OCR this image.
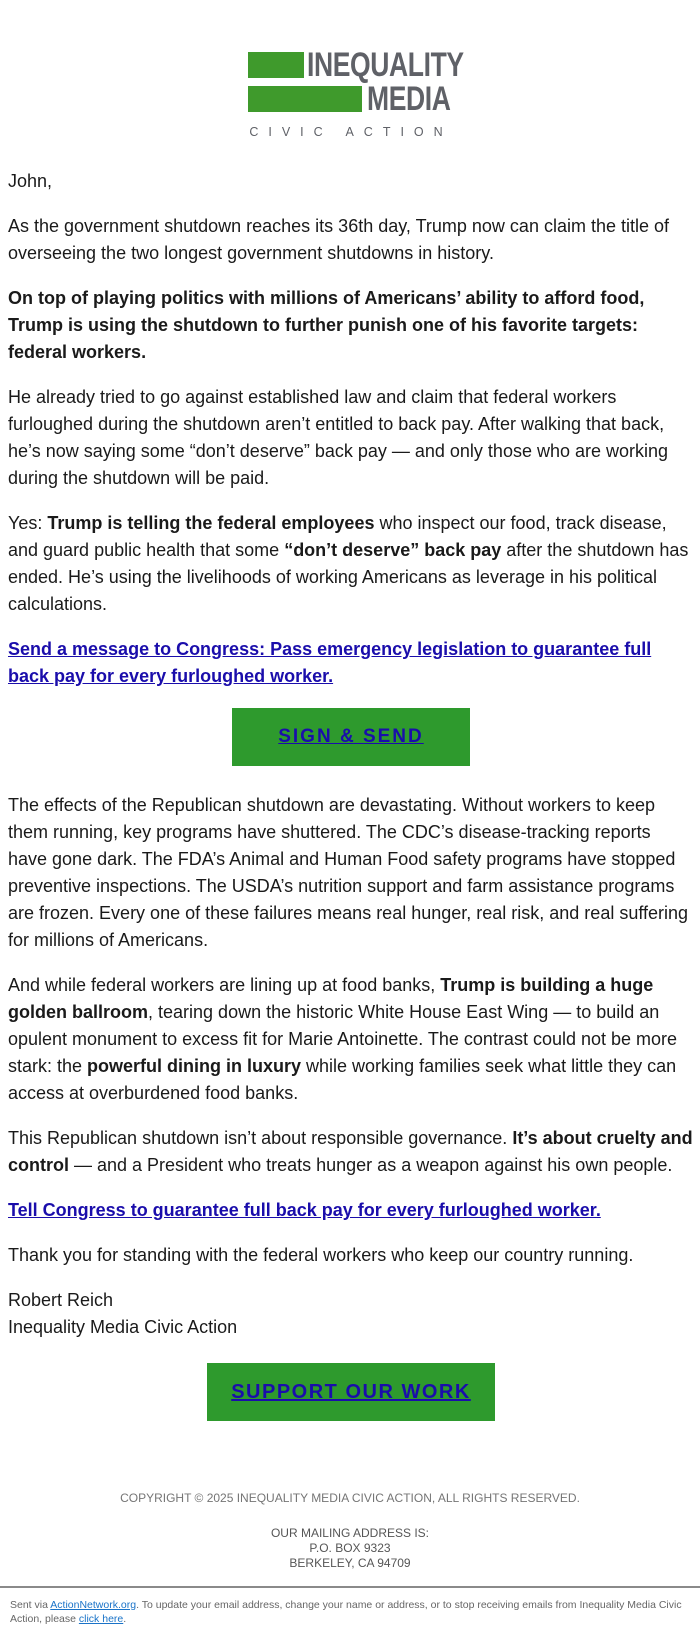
INEQUALITY
MEDIA
CIVIC ACTION

John,

As the government shutdown reaches its 36th day, Trump now can claim the title of overseeing the two longest government shutdowns in history.

On top of playing politics with millions of Americans’ ability to afford food, Trump is using the shutdown to further punish one of his favorite targets: federal workers.

He already tried to go against established law and claim that federal workers furloughed during the shutdown aren’t entitled to back pay. After walking that back, he’s now saying some “don’t deserve” back pay — and only those who are working during the shutdown will be paid.

Yes: Trump is telling the federal employees who inspect our food, track disease, and guard public health that some “don’t deserve” back pay after the shutdown has ended. He’s using the livelihoods of working Americans as leverage in his political calculations.

Send a message to Congress: Pass emergency legislation to guarantee full back pay for every furloughed worker.

SIGN & SEND

The effects of the Republican shutdown are devastating. Without workers to keep them running, key programs have shuttered. The CDC’s disease-tracking reports have gone dark. The FDA’s Animal and Human Food safety programs have stopped preventive inspections. The USDA’s nutrition support and farm assistance programs are frozen. Every one of these failures means real hunger, real risk, and real suffering for millions of Americans.

And while federal workers are lining up at food banks, Trump is building a huge golden ballroom, tearing down the historic White House East Wing — to build an opulent monument to excess fit for Marie Antoinette. The contrast could not be more stark: the powerful dining in luxury while working families seek what little they can access at overburdened food banks.

This Republican shutdown isn’t about responsible governance. It’s about cruelty and control — and a President who treats hunger as a weapon against his own people.

Tell Congress to guarantee full back pay for every furloughed worker.

Thank you for standing with the federal workers who keep our country running.

Robert Reich

Inequality Media Civic Action

SUPPORT OUR WORK
COPYRIGHT © 2025 INEQUALITY MEDIA CIVIC ACTION, ALL RIGHTS RESERVED.
OUR MAILING ADDRESS IS:
P.O. BOX 9323
BERKELEY, CA 94709
Sent via ActionNetwork.org. To update your email address, change your name or address, or to stop receiving emails from Inequality Media Civic Action, please click here.
